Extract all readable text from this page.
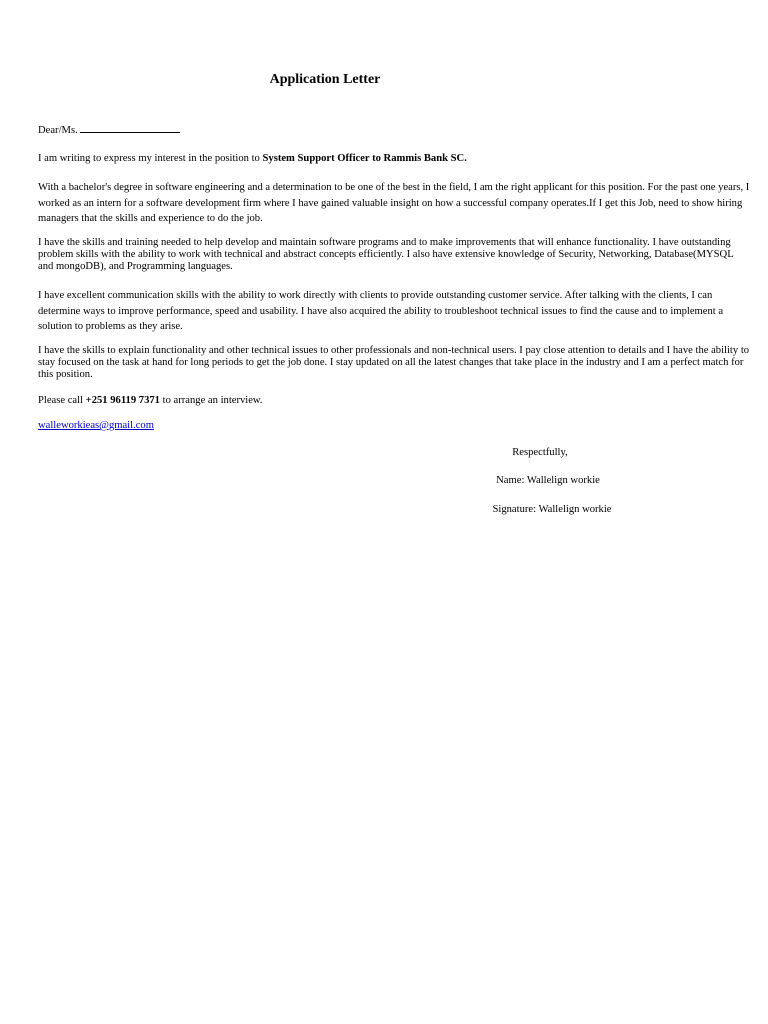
Application Letter
Dear/Ms.
I am writing to express my interest in the position to System Support Officer to Rammis Bank SC.
With a bachelor's degree in software engineering and a determination to be one of the best in the field, I am the right applicant for this position. For the past one years, I worked as an intern for a software development firm where I have gained valuable insight on how a successful company operates.If I get this Job, need to show hiring managers that the skills and experience to do the job.
I have the skills and training needed to help develop and maintain software programs and to make improvements that will enhance functionality. I have outstanding problem skills with the ability to work with technical and abstract concepts efficiently. I also have extensive knowledge of Security, Networking, Database(MYSQL and mongoDB), and Programming languages.
I have excellent communication skills with the ability to work directly with clients to provide outstanding customer service. After talking with the clients, I can determine ways to improve performance, speed and usability. I have also acquired the ability to troubleshoot technical issues to find the cause and to implement a solution to problems as they arise.
I have the skills to explain functionality and other technical issues to other professionals and non-technical users. I pay close attention to details and I have the ability to stay focused on the task at hand for long periods to get the job done. I stay updated on all the latest changes that take place in the industry and I am a perfect match for this position.
Please call +251 96119 7371 to arrange an interview.
walleworkieas@gmail.com
Respectfully,
Name: Wallelign workie
Signature: Wallelign workie
